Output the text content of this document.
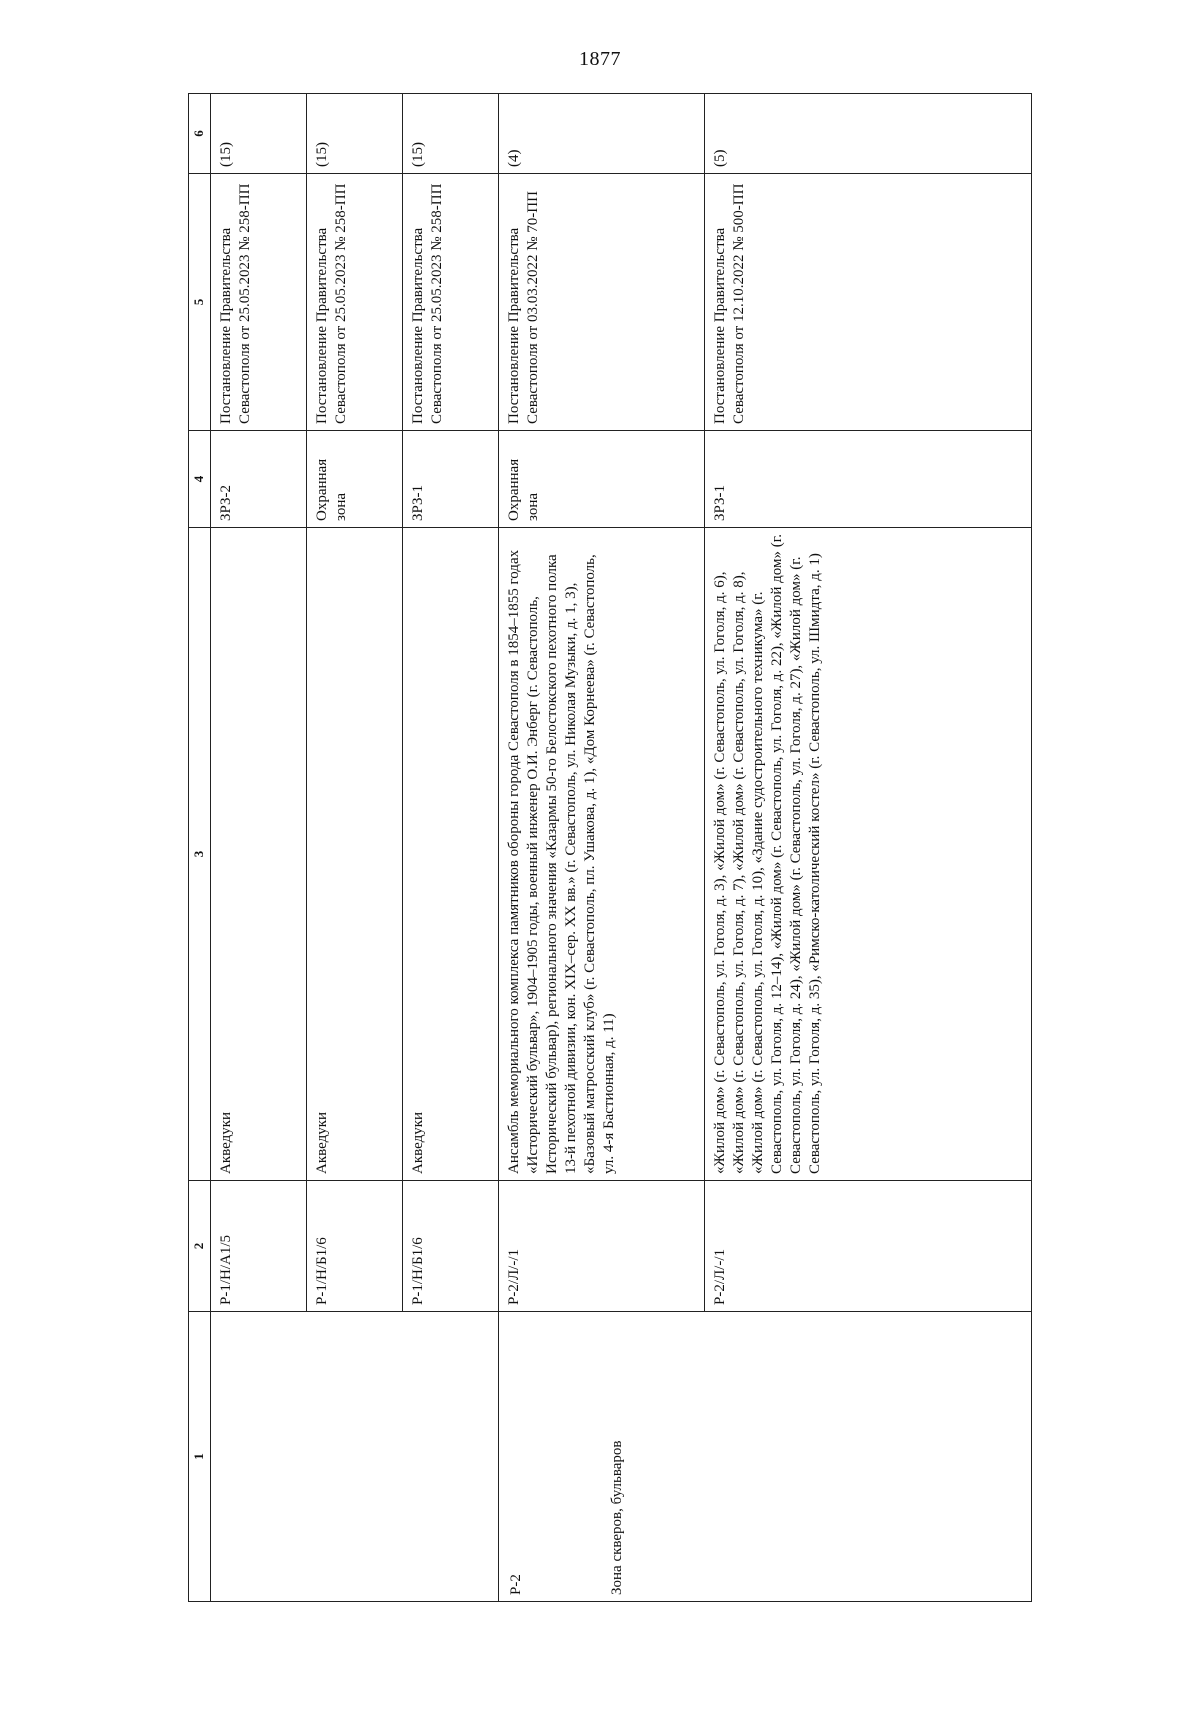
1877
1	2	3	4	5	6
	Р-1/Н/А1/5	Акведуки	ЗРЗ-2	Постановление Правительства Севастополя от 25.05.2023 № 258-ПП	(15)
	Р-1/Н/Б1/6	Акведуки	Охранная зона	Постановление Правительства Севастополя от 25.05.2023 № 258-ПП	(15)
	Р-1/Н/Б1/6	Акведуки	ЗРЗ-1	Постановление Правительства Севастополя от 25.05.2023 № 258-ПП	(15)

Р-2 Зона скверов, бульваров	Р-2/Л/-/1	Ансамбль мемориального комплекса памятников обороны города Севастополя в 1854–1855 годах «Исторический бульвар», 1904–1905 годы, военный инженер О.И. Энберг (г. Севастополь, Исторический бульвар), регионального значения «Казармы 50-го Белостокского пехотного полка 13-й пехотной дивизии, кон. XIX–сер. XX вв.» (г. Севастополь, ул. Николая Музыки, д. 1, 3), «Базовый матросский клуб» (г. Севастополь, пл. Ушакова, д. 1), «Дом Корнеева» (г. Севастополь, ул. 4-я Бастионная, д. 11)	Охранная зона	Постановление Правительства Севастополя от 03.03.2022 № 70-ПП	(4)
	Р-2/Л/-/1	«Жилой дом» (г. Севастополь, ул. Гоголя, д. 3), «Жилой дом» (г. Севастополь, ул. Гоголя, д. 6), «Жилой дом» (г. Севастополь, ул. Гоголя, д. 7), «Жилой дом» (г. Севастополь, ул. Гоголя, д. 8), «Жилой дом» (г. Севастополь, ул. Гоголя, д. 10), «Здание судостроительного техникума» (г. Севастополь, ул. Гоголя, д. 12–14), «Жилой дом» (г. Севастополь, ул. Гоголя, д. 22), «Жилой дом» (г. Севастополь, ул. Гоголя, д. 24), «Жилой дом» (г. Севастополь, ул. Гоголя, д. 27), «Жилой дом» (г. Севастополь, ул. Гоголя, д. 35), «Римско-католический костел» (г. Севастополь, ул. Шмидта, д. 1)	ЗРЗ-1	Постановление Правительства Севастополя от 12.10.2022 № 500-ПП	(5)
